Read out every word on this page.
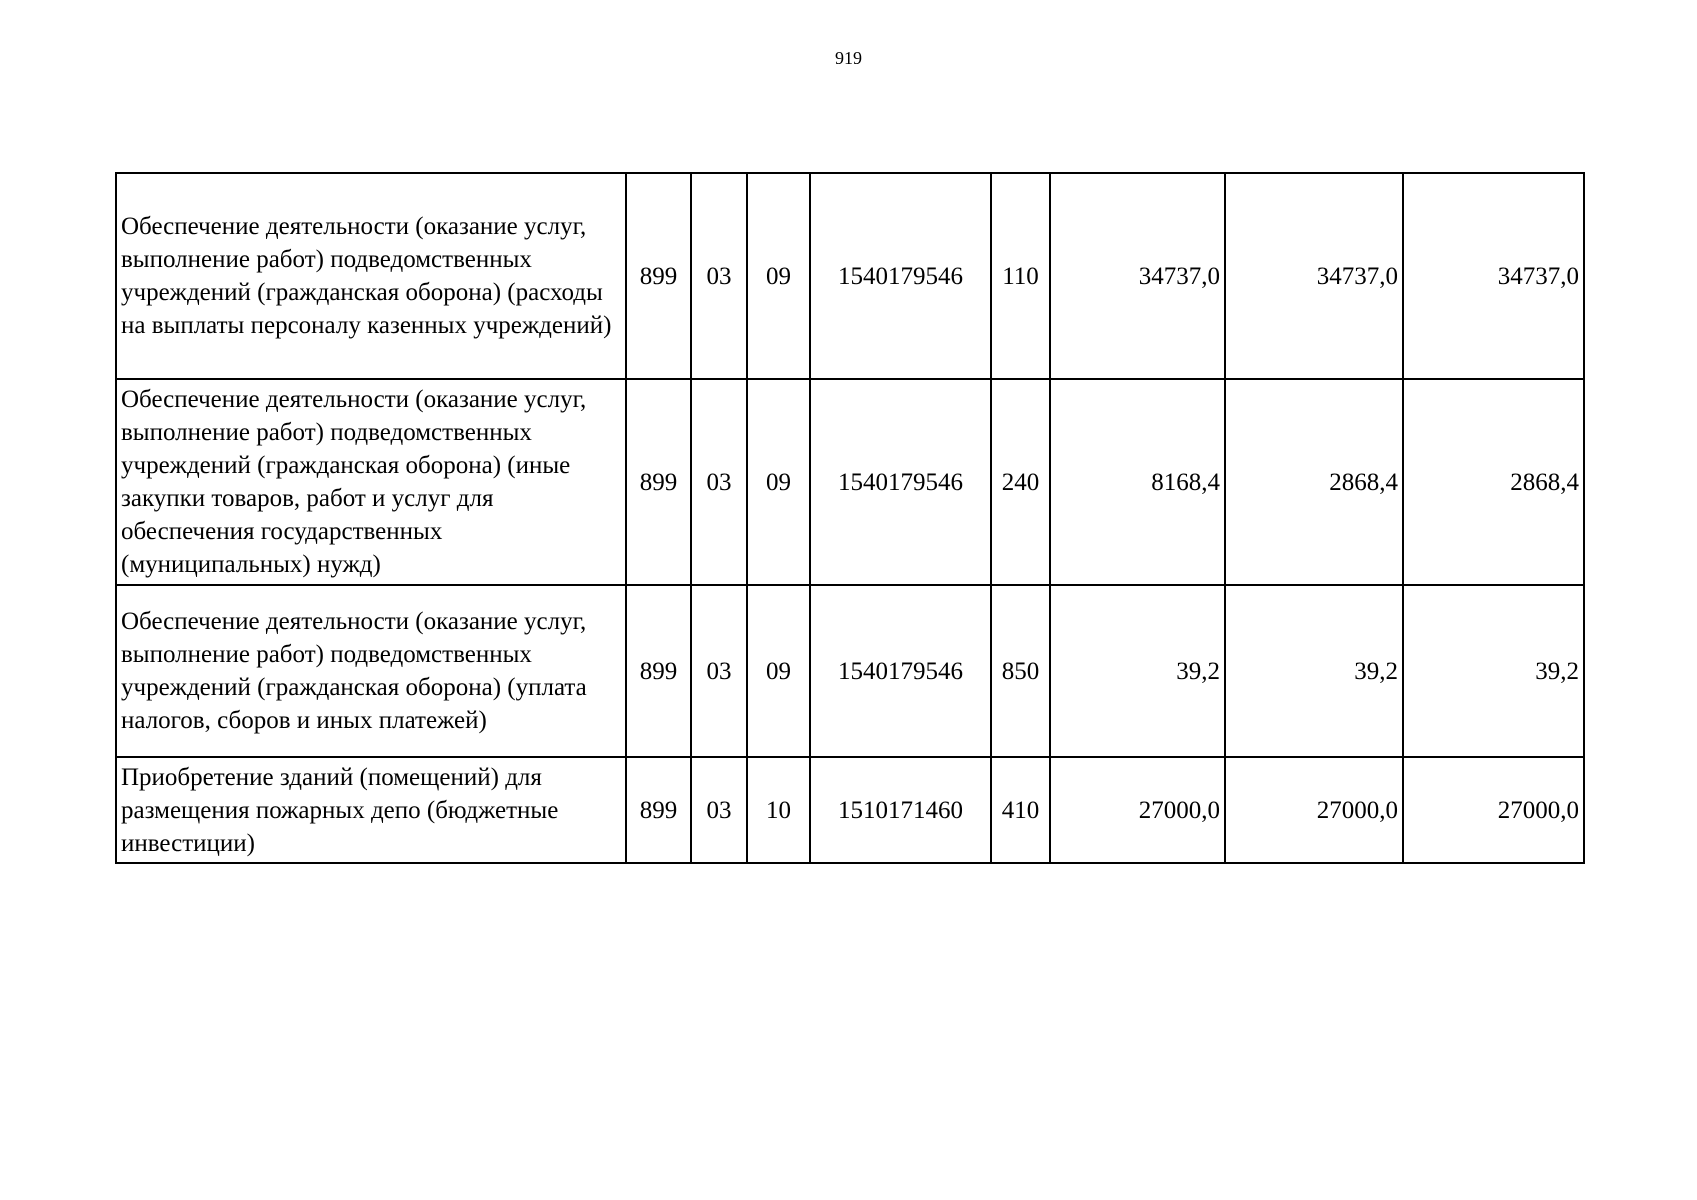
919
Обеспечение деятельности (оказание услуг, выполнение работ) подведомственных учреждений (гражданская оборона) (расходы на выплаты персоналу казенных учреждений)	899	03	09	1540179546	110	34737,0	34737,0	34737,0
Обеспечение деятельности (оказание услуг, выполнение работ) подведомственных учреждений (гражданская оборона) (иные закупки товаров, работ и услуг для обеспечения государственных (муниципальных) нужд)	899	03	09	1540179546	240	8168,4	2868,4	2868,4
Обеспечение деятельности (оказание услуг, выполнение работ) подведомственных учреждений (гражданская оборона) (уплата налогов, сборов и иных платежей)	899	03	09	1540179546	850	39,2	39,2	39,2
Приобретение зданий (помещений) для размещения пожарных депо (бюджетные инвестиции)	899	03	10	1510171460	410	27000,0	27000,0	27000,0
